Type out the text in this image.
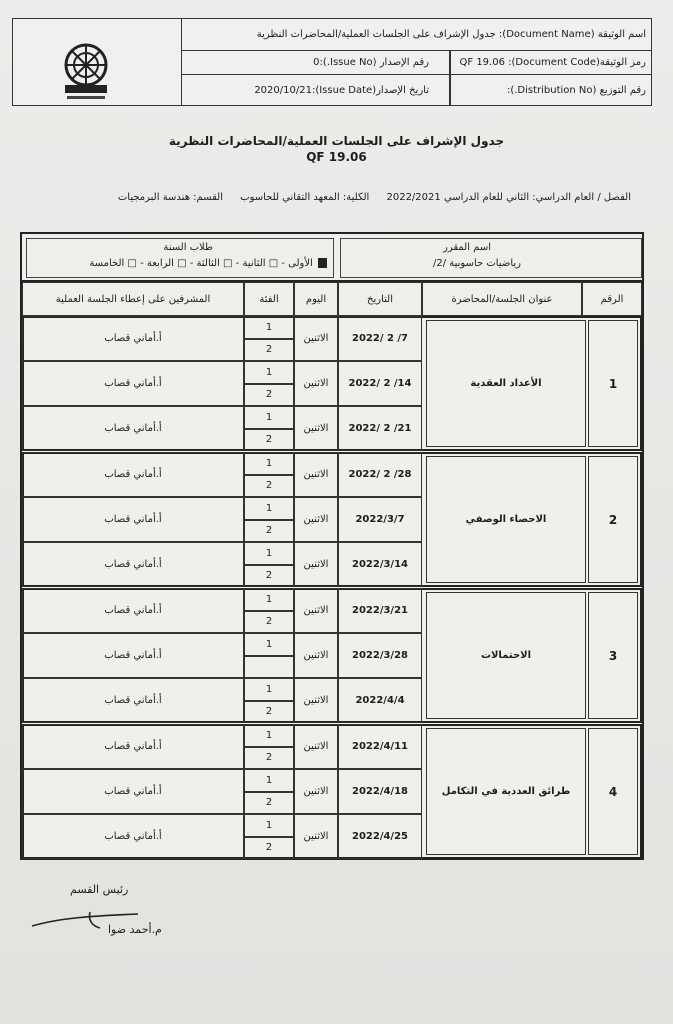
اسم الوثيقة (Document Name): جدول الإشراف على الجلسات العملية/المحاضرات النظرية
رمز الوثيقة(Document Code): QF 19.06
رقم الإصدار (Issue No.):0
رقم التوزيع (Distribution No.):
تاريخ الإصدار(Issue Date):2020/10/21
جدول الإشراف على الجلسات العملية/المحاضرات النظرية
QF 19.06
الفصل / العام الدراسي: الثاني للعام الدراسي 2022/2021 الكلية: المعهد التقاني للحاسوب القسم: هندسة البرمجيات
اسم المقرر
رياضيات حاسوبية /2/
طلاب السنة
الأولى - □ الثانية - □ الثالثة - □ الرابعة - □ الخامسة
الرقم
عنوان الجلسة/المحاضرة
التاريخ
اليوم
الفئة
المشرفين على إعطاء الجلسة العملية
1
الأعداد العقدية
2022/ 2 /7
الاثنين
1
2
أ.أماني قصاب
2022/ 2 /14
الاثنين
1
2
أ.أماني قصاب
2022/ 2 /21
الاثنين
1
2
أ.أماني قصاب
2
الاحصاء الوصفي
2022/ 2 /28
الاثنين
1
2
أ.أماني قصاب
2022/3/7
الاثنين
1
2
أ.أماني قصاب
2022/3/14
الاثنين
1
2
أ.أماني قصاب
3
الاحتمالات
2022/3/21
الاثنين
1
2
أ.أماني قصاب
2022/3/28
الاثنين
1
أ.أماني قصاب
2022/4/4
الاثنين
1
2
أ.أماني قصاب
4
طرائق العددية في التكامل
2022/4/11
الاثنين
1
2
أ.أماني قصاب
2022/4/18
الاثنين
1
2
أ.أماني قصاب
2022/4/25
الاثنين
1
2
أ.أماني قصاب
رئيس القسم
م.أحمد ضوا
